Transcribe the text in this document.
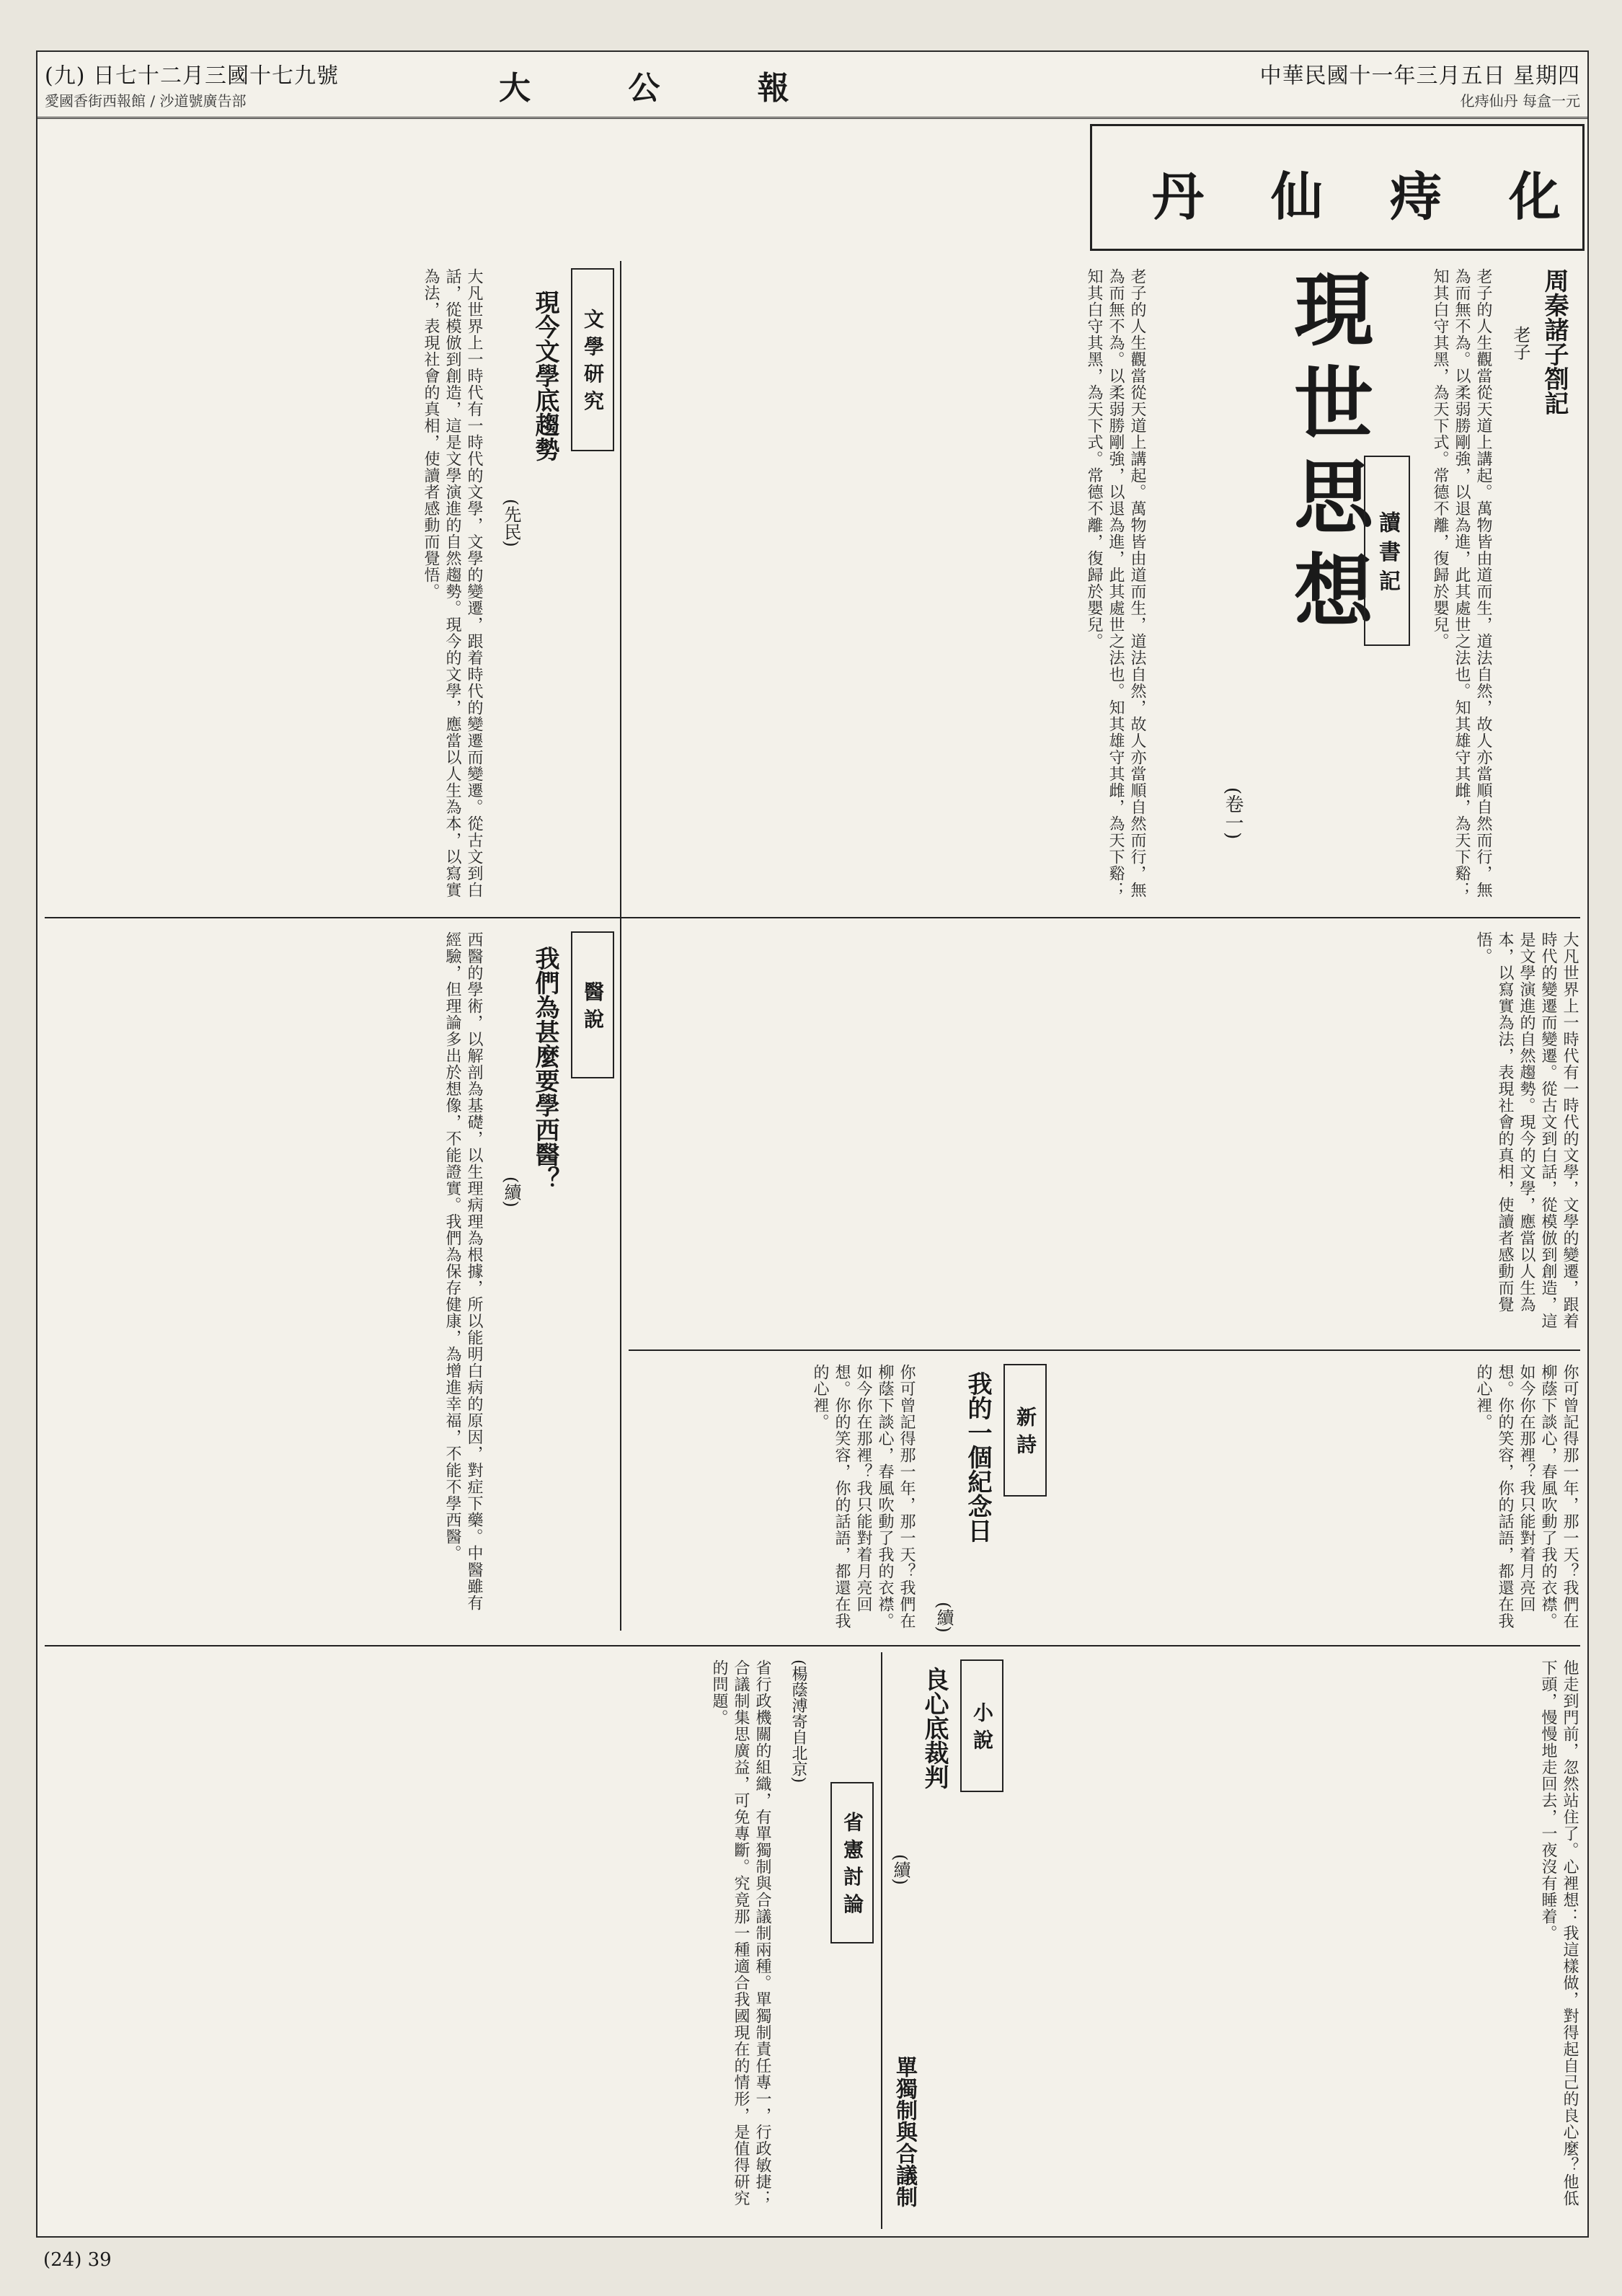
(九) 日七十二月三國十七九號	大 公 報	中華民國十一年三月五日 星期四
愛國香街西報館 / 沙道號廣告部	化痔仙丹 每盒一元
化
痔
仙
丹
現世思想
(卷一)
讀 書 記
周秦諸子劄記
老子
老子的人生觀當從天道上講起。萬物皆由道而生，道法自然，故人亦當順自然而行，無為而無不為。以柔弱勝剛強，以退為進，此其處世之法也。知其雄守其雌，為天下谿；知其白守其黑，為天下式。常德不離，復歸於嬰兒。
老子的人生觀當從天道上講起。萬物皆由道而生，道法自然，故人亦當順自然而行，無為而無不為。以柔弱勝剛強，以退為進，此其處世之法也。知其雄守其雌，為天下谿；知其白守其黑，為天下式。常德不離，復歸於嬰兒。
文 學 研 究
現今文學底趨勢
(先民)
大凡世界上一時代有一時代的文學，文學的變遷，跟着時代的變遷而變遷。從古文到白話，從模倣到創造，這是文學演進的自然趨勢。現今的文學，應當以人生為本，以寫實為法，表現社會的真相，使讀者感動而覺悟。
醫 說
我們為甚麼要學西醫？
(續)
西醫的學術，以解剖為基礎，以生理病理為根據，所以能明白病的原因，對症下藥。中醫雖有經驗，但理論多出於想像，不能證實。我們為保存健康，為增進幸福，不能不學西醫。	大凡世界上一時代有一時代的文學，文學的變遷，跟着時代的變遷而變遷。從古文到白話，從模倣到創造，這是文學演進的自然趨勢。現今的文學，應當以人生為本，以寫實為法，表現社會的真相，使讀者感動而覺悟。
新 詩
我的一個紀念日
(續)
你可曾記得那一年，那一天？我們在柳蔭下談心，春風吹動了我的衣襟。如今你在那裡？我只能對着月亮回想。你的笑容，你的話語，都還在我的心裡。	你可曾記得那一年，那一天？我們在柳蔭下談心，春風吹動了我的衣襟。如今你在那裡？我只能對着月亮回想。你的笑容，你的話語，都還在我的心裡。
小 說
良心底裁判
(續)	他走到門前，忽然站住了。心裡想：我這樣做，對得起自己的良心麼？他低下頭，慢慢地走回去，一夜沒有睡着。
省 憲 討 論
單獨制與合議制
(楊蔭溥寄自北京)
省行政機關的組織，有單獨制與合議制兩種。單獨制責任專一，行政敏捷；合議制集思廣益，可免專斷。究竟那一種適合我國現在的情形，是值得研究的問題。
(24) 39
